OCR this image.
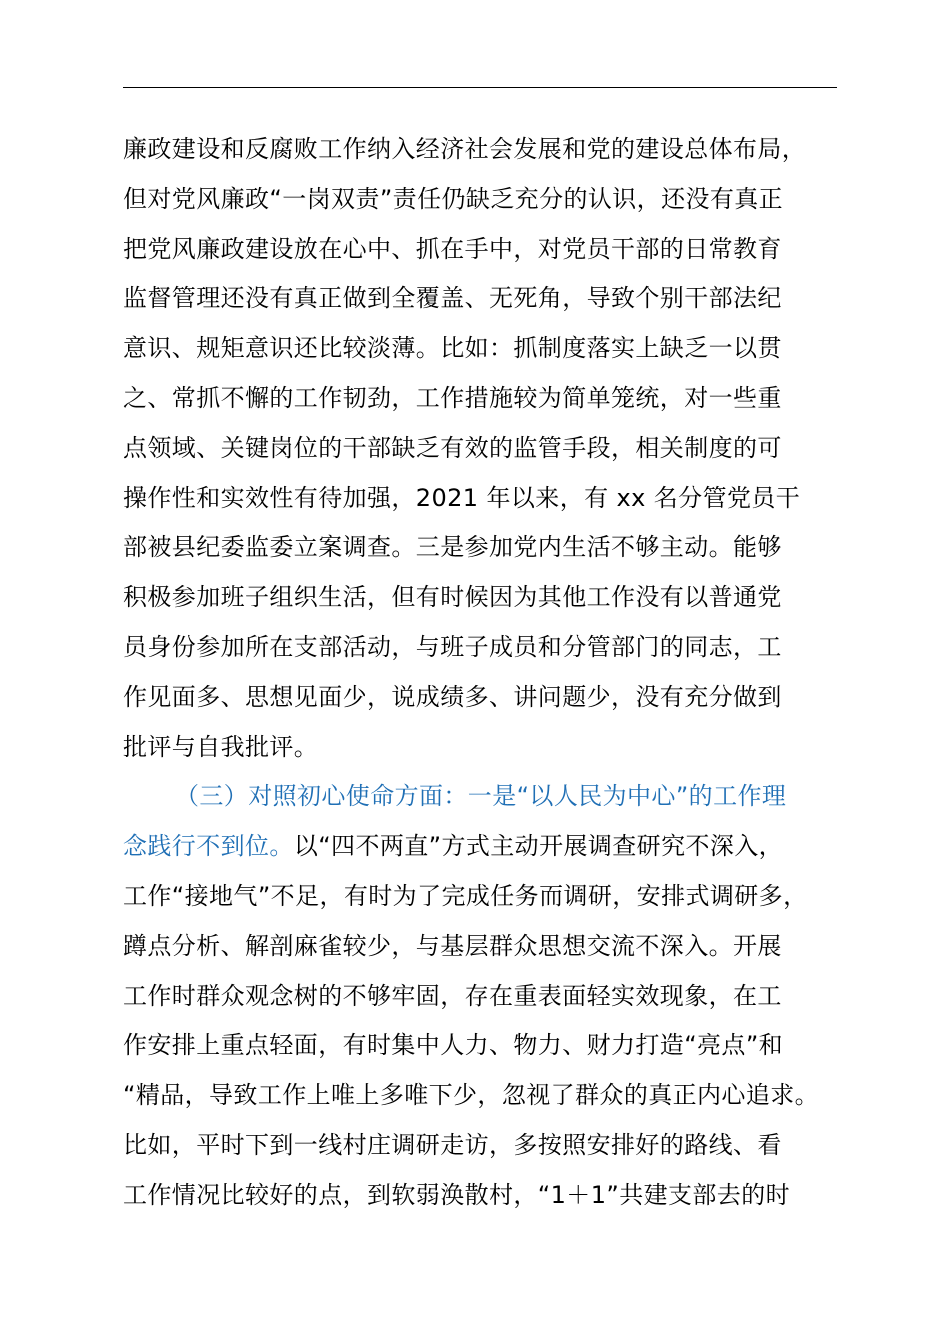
廉政建设和反腐败工作纳入经济社会发展和党的建设总体布局，
但对党风廉政“一岗双责”责任仍缺乏充分的认识，还没有真正
把党风廉政建设放在心中、抓在手中，对党员干部的日常教育
监督管理还没有真正做到全覆盖、无死角，导致个别干部法纪
意识、规矩意识还比较淡薄。比如：抓制度落实上缺乏一以贯
之、常抓不懈的工作韧劲，工作措施较为简单笼统，对一些重
点领域、关键岗位的干部缺乏有效的监管手段，相关制度的可
操作性和实效性有待加强，2021 年以来，有 xx 名分管党员干
部被县纪委监委立案调查。三是参加党内生活不够主动。能够
积极参加班子组织生活，但有时候因为其他工作没有以普通党
员身份参加所在支部活动，与班子成员和分管部门的同志，工
作见面多、思想见面少，说成绩多、讲问题少，没有充分做到
批评与自我批评。
（三）对照初心使命方面：一是“以人民为中心”的工作理
念践行不到位。以“四不两直”方式主动开展调查研究不深入，
工作“接地气”不足，有时为了完成任务而调研，安排式调研多，
蹲点分析、解剖麻雀较少，与基层群众思想交流不深入。开展
工作时群众观念树的不够牢固，存在重表面轻实效现象，在工
作安排上重点轻面，有时集中人力、物力、财力打造“亮点”和
“精品，导致工作上唯上多唯下少，忽视了群众的真正内心追求。
比如，平时下到一线村庄调研走访，多按照安排好的路线、看
工作情况比较好的点，到软弱涣散村，“1＋1”共建支部去的时
